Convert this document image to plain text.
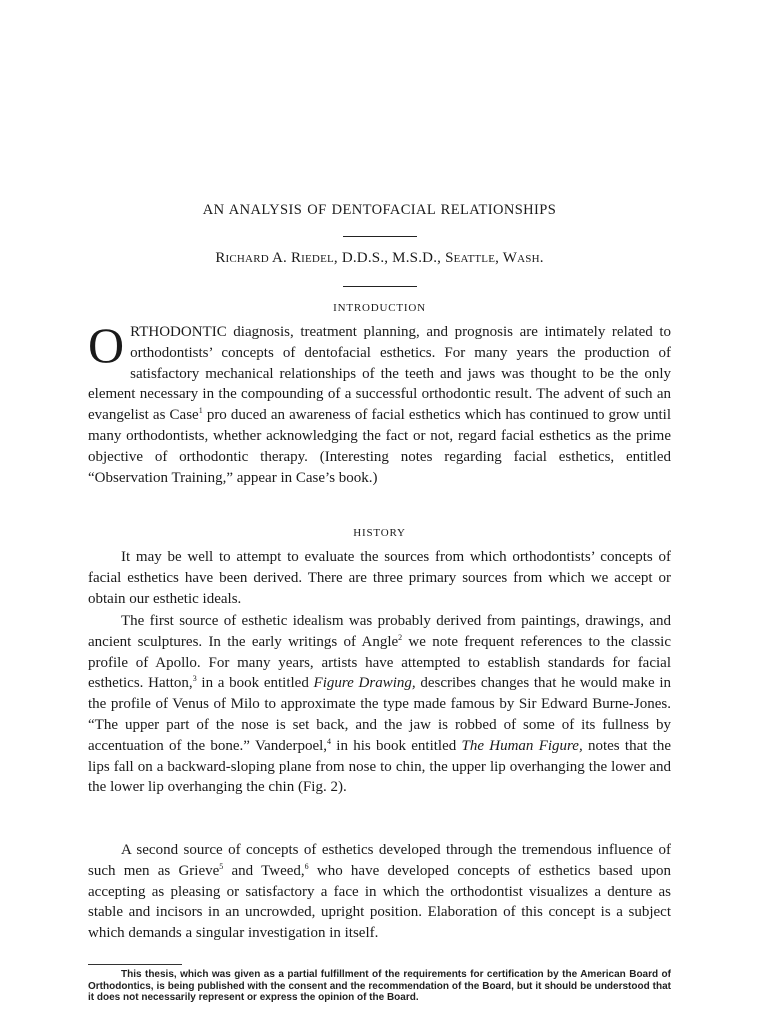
AN ANALYSIS OF DENTOFACIAL RELATIONSHIPS
Richard A. Riedel, D.D.S., M.S.D., Seattle, Wash.
INTRODUCTION

ORTHODONTIC diagnosis, treatment planning, and prognosis are intimately related to orthodontists’ concepts of dentofacial esthetics. For many years the production of satisfactory mechanical relationships of the teeth and jaws was thought to be the only element necessary in the compounding of a successful orthodontic result. The advent of such an evangelist as Case$^1$ pro duced an awareness of facial esthetics which has continued to grow until many orthodontists, whether acknowledging the fact or not, regard facial esthetics as the prime objective of orthodontic therapy. (Interesting notes regarding facial esthetics, entitled “Observation Training,” appear in Case’s book.)

HISTORY

It may be well to attempt to evaluate the sources from which orthodontists’ concepts of facial esthetics have been derived. There are three primary sources from which we accept or obtain our esthetic ideals.

The first source of esthetic idealism was probably derived from paintings, drawings, and ancient sculptures. In the early writings of Angle$^2$ we note frequent references to the classic profile of Apollo. For many years, artists have attempted to establish standards for facial esthetics. Hatton,$^3$ in a book entitled Figure Drawing, describes changes that he would make in the profile of Venus of Milo to approximate the type made famous by Sir Edward Burne-Jones. “The upper part of the nose is set back, and the jaw is robbed of some of its fullness by accentuation of the bone.” Vanderpoel,$^4$ in his book entitled The Human Figure, notes that the lips fall on a backward-sloping plane from nose to chin, the upper lip overhanging the lower and the lower lip overhanging the chin (Fig. 2).

A second source of concepts of esthetics developed through the tremendous influence of such men as Grieve$^5$ and Tweed,$^6$ who have developed concepts of esthetics based upon accepting as pleasing or satisfactory a face in which the orthodontist visualizes a denture as stable and incisors in an uncrowded, upright position. Elaboration of this concept is a subject which demands a singular investigation in itself.

This thesis, which was given as a partial fulfillment of the requirements for certification by the American Board of Orthodontics, is being published with the consent and the recommendation of the Board, but it should be understood that it does not necessarily represent or express the opinion of the Board.
